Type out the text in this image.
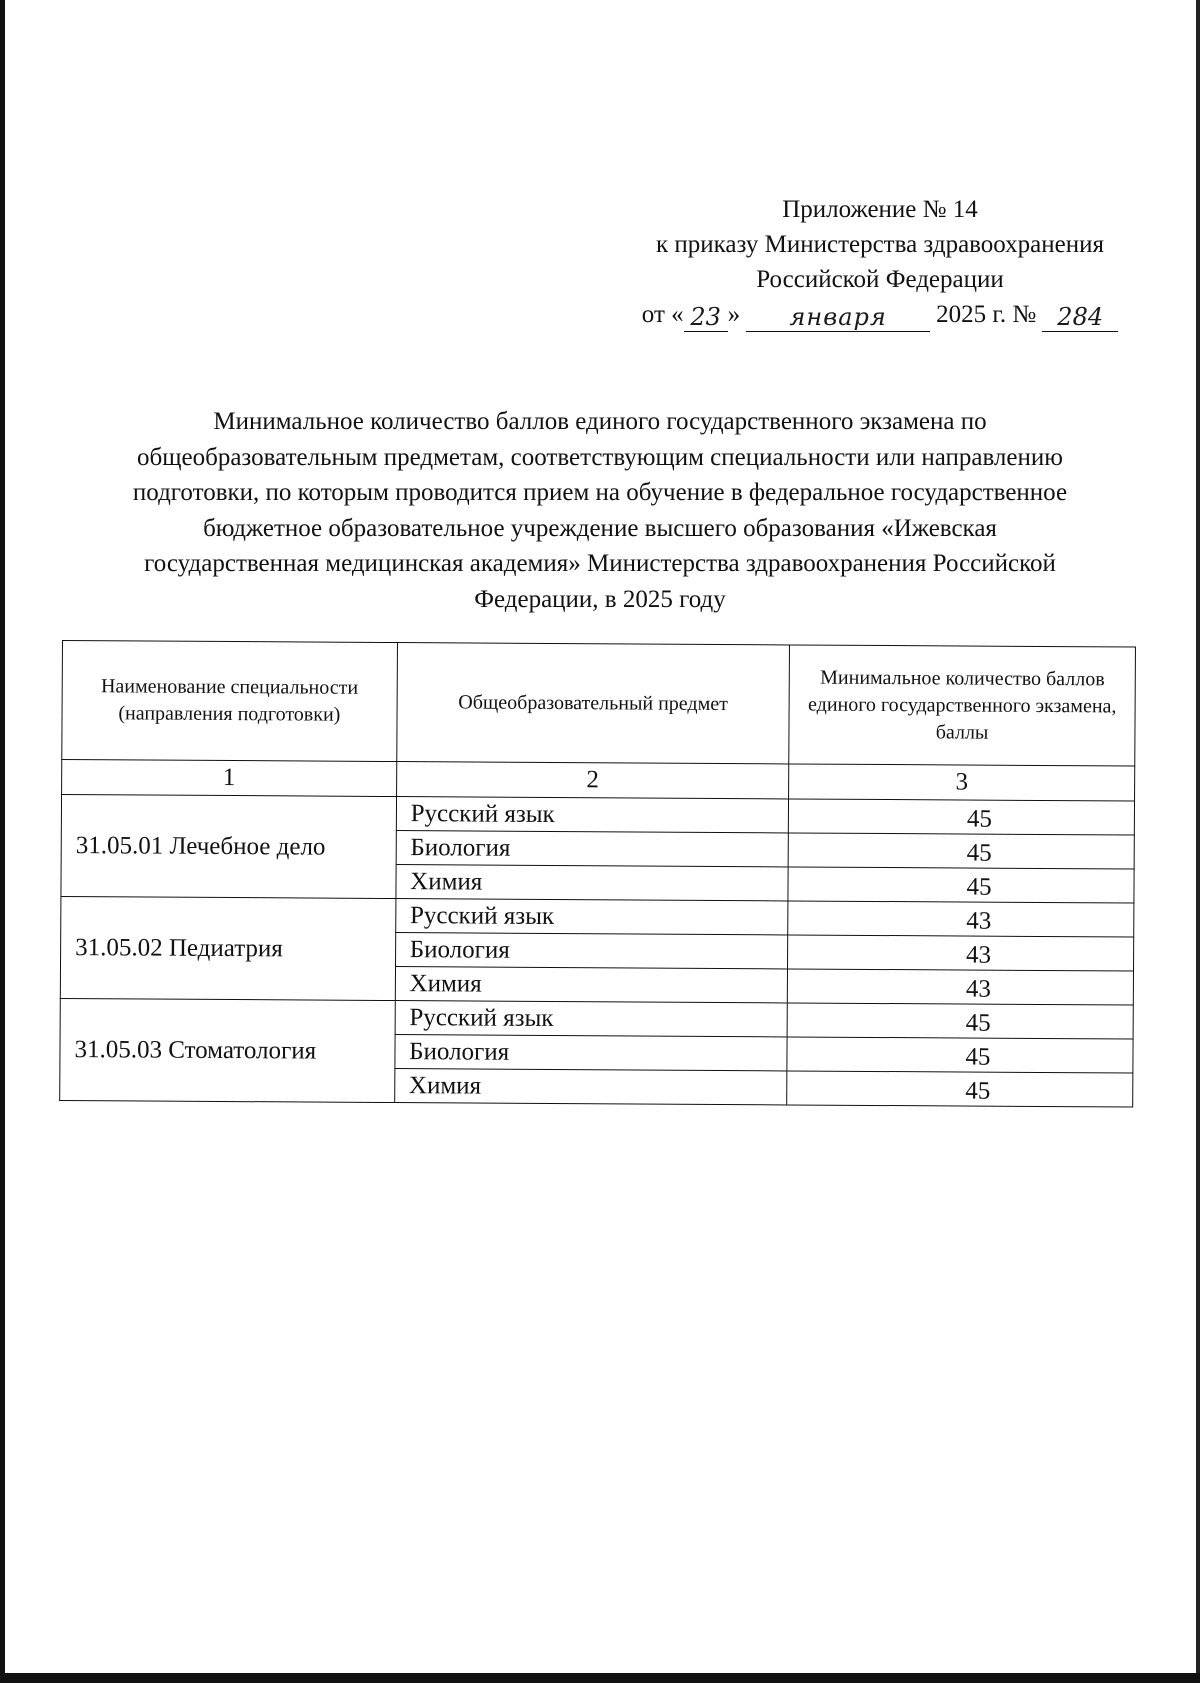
Приложение № 14
к приказу Министерства здравоохранения
Российской Федерации
от « 23 »	января	2025 г. № 284
Минимальное количество баллов единого государственного экзамена по
общеобразовательным предметам, соответствующим специальности или направлению
подготовки, по которым проводится прием на обучение в федеральное государственное
бюджетное образовательное учреждение высшего образования «Ижевская
государственная медицинская академия» Министерства здравоохранения Российской
Федерации, в 2025 году
Наименование специальности (направления подготовки)	Общеобразовательный предмет	Минимальное количество баллов единого государственного экзамена, баллы
1	2	3
31.05.01 Лечебное дело	Русский язык	45
	Биология	45
	Химия	45
31.05.02 Педиатрия	Русский язык	43
	Биология	43
	Химия	43
31.05.03 Стоматология	Русский язык	45
	Биология	45
	Химия	45
